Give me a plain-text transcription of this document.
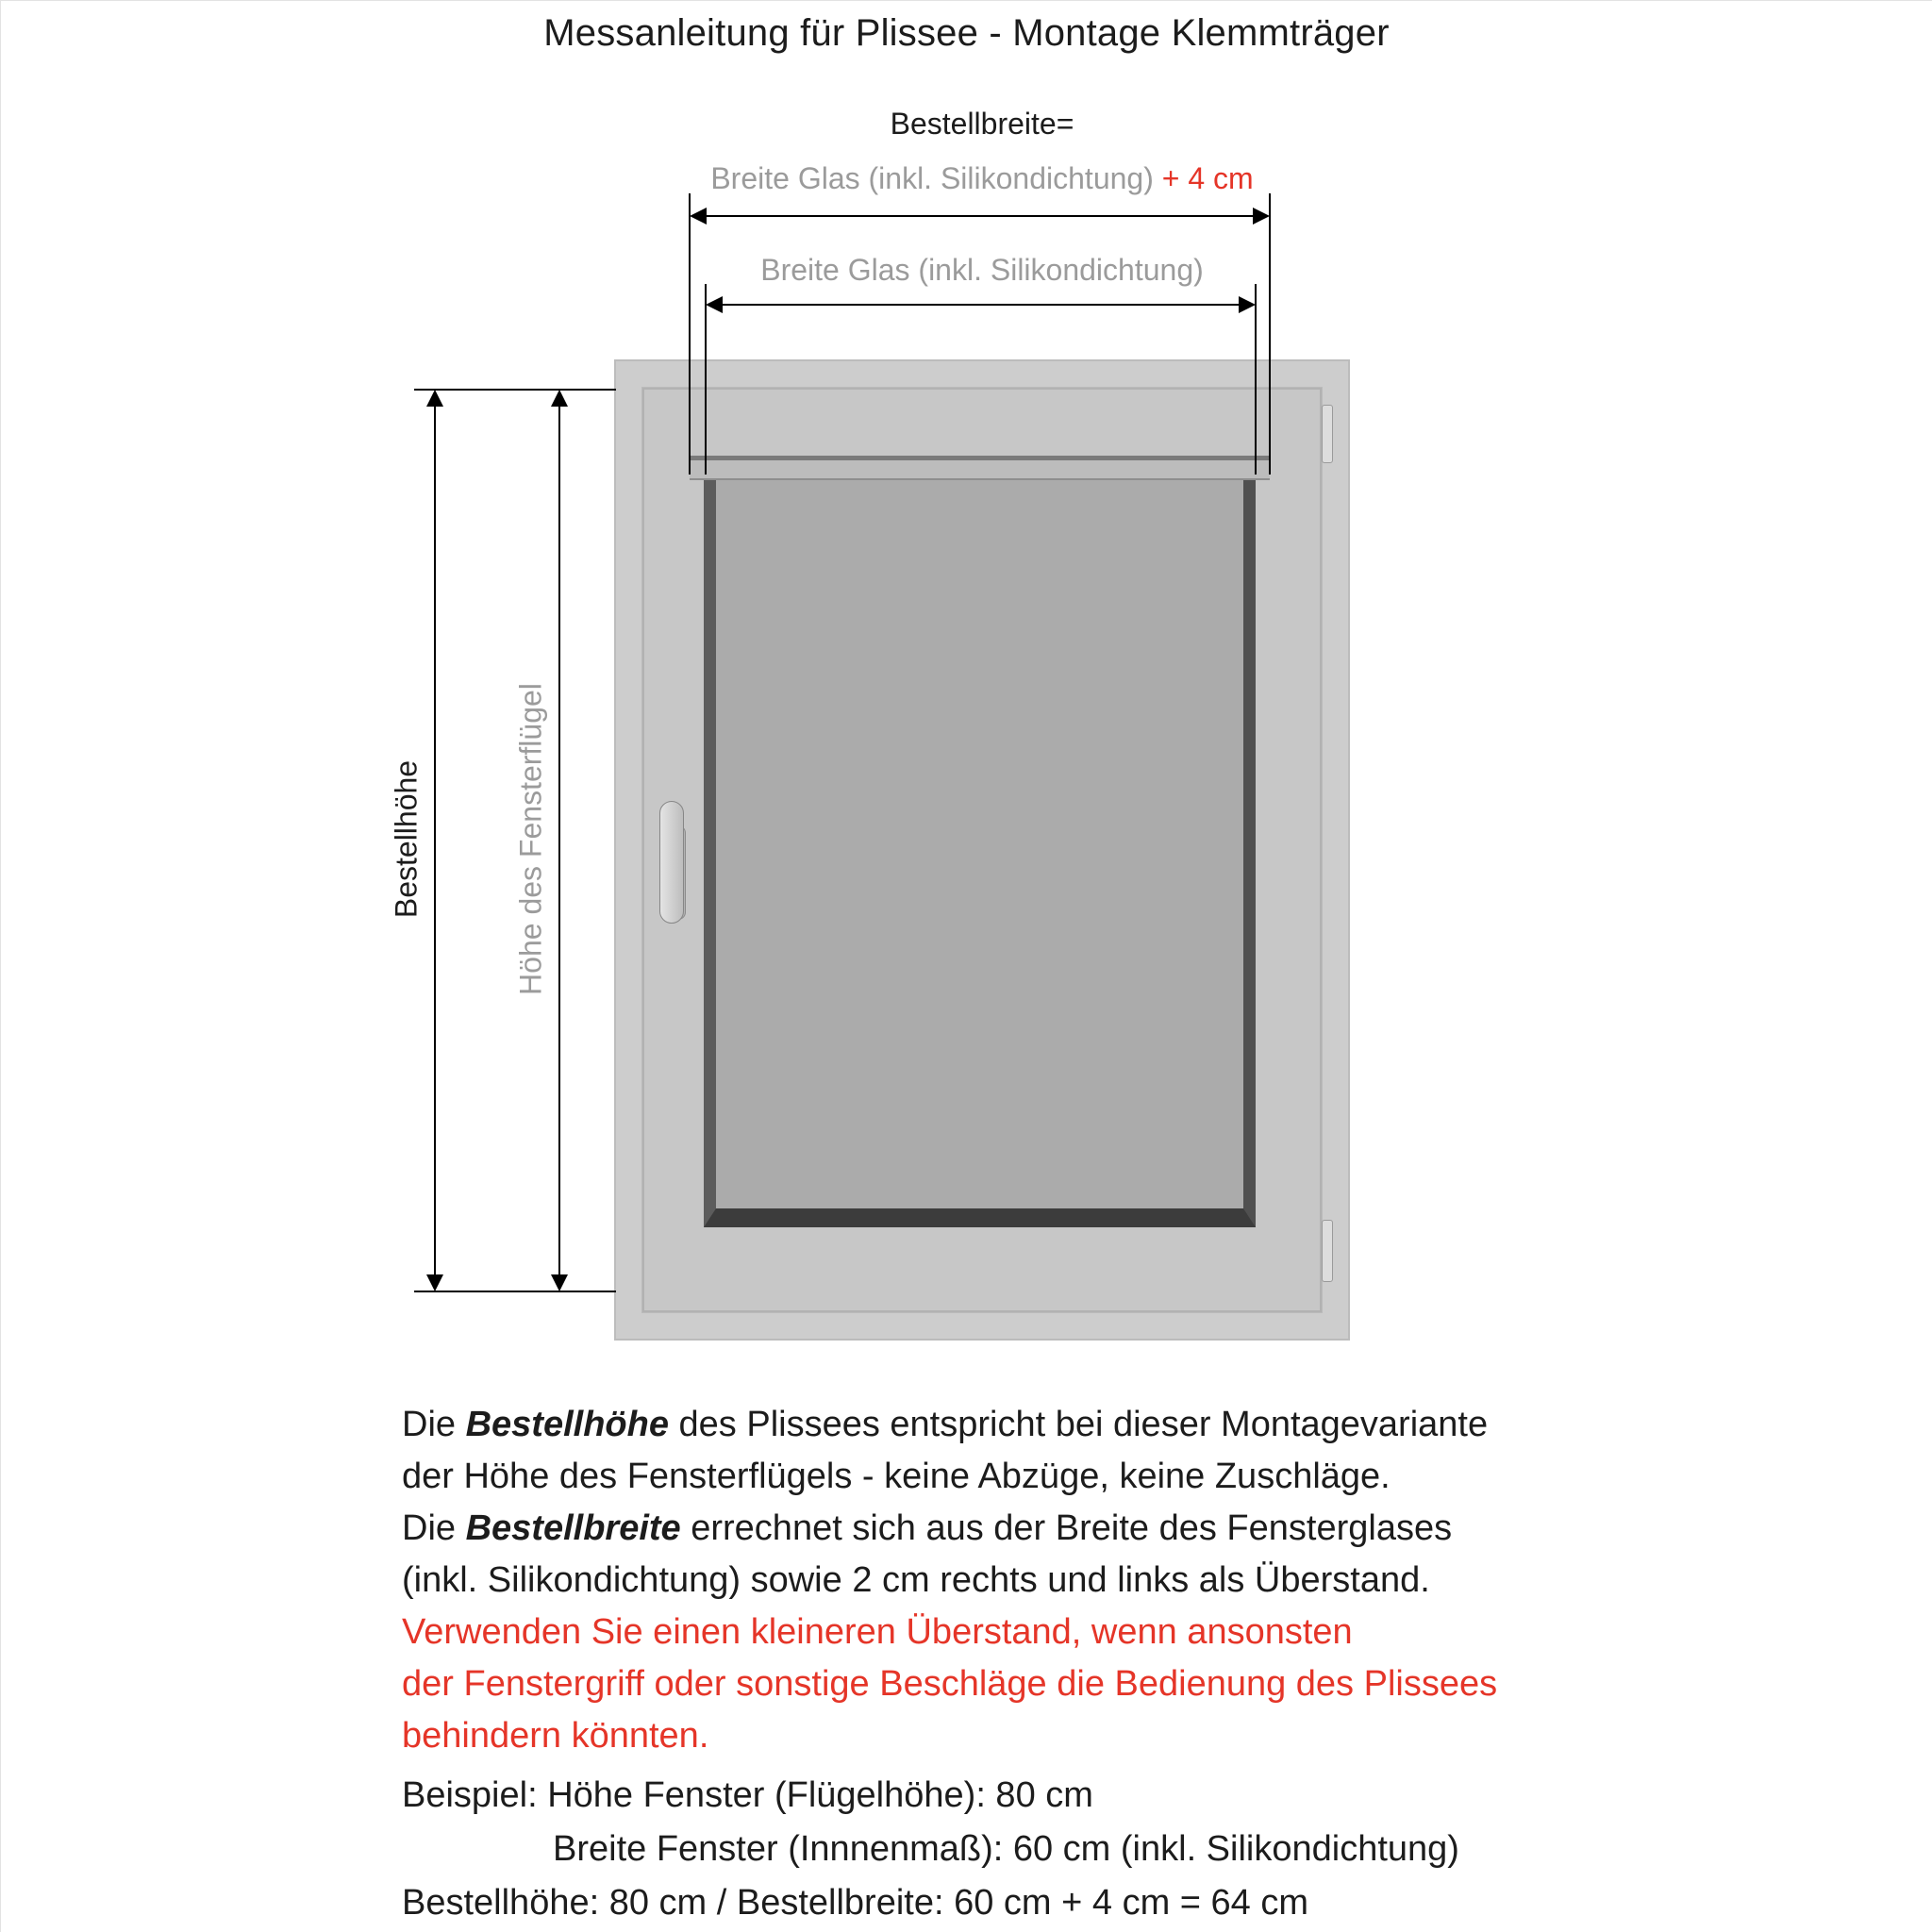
Messanleitung für Plissee - Montage Klemmträger
Bestellbreite=
Breite Glas (inkl. Silikondichtung) + 4 cm
Breite Glas (inkl. Silikondichtung)
Bestellhöhe	Höhe des Fensterflügel
Die Bestellhöhe des Plissees entspricht bei dieser Montagevariante
der Höhe des Fensterflügels - keine Abzüge, keine Zuschläge.
Die Bestellbreite errechnet sich aus der Breite des Fensterglases
(inkl. Silikondichtung) sowie 2 cm rechts und links als Überstand.
Verwenden Sie einen kleineren Überstand, wenn ansonsten
der Fenstergriff oder sonstige Beschläge die Bedienung des Plissees
behindern könnten.
Beispiel: Höhe Fenster (Flügelhöhe): 80 cm
Breite Fenster (Innnenmaß): 60 cm (inkl. Silikondichtung)
Bestellhöhe: 80 cm / Bestellbreite: 60 cm + 4 cm = 64 cm
